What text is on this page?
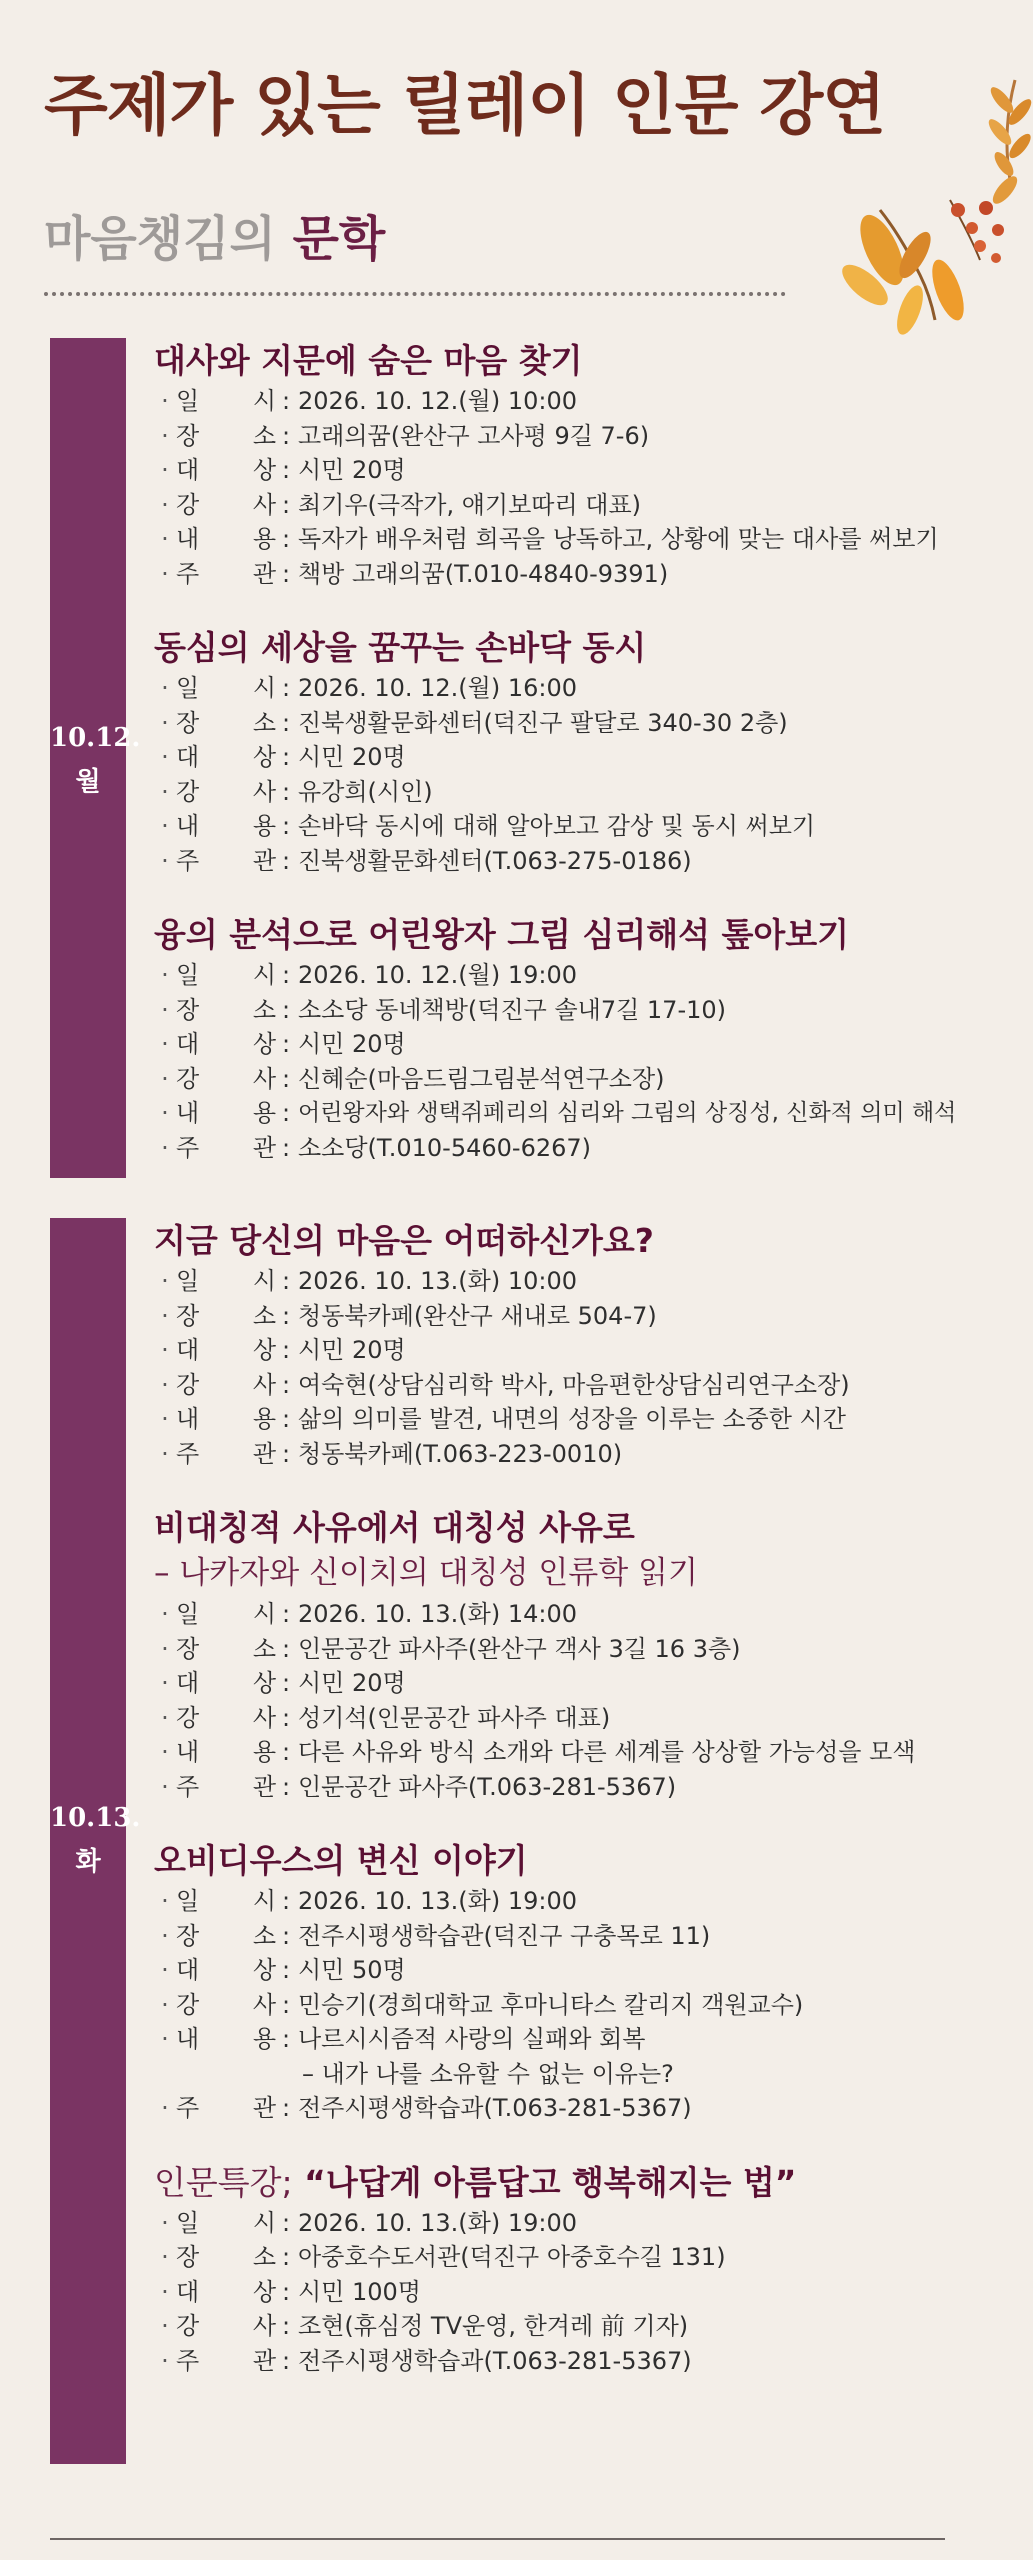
주제가 있는 릴레이 인문 강연
마음챙김의 문학
10.12.
월
대사와 지문에 숨은 마음 찾기
· 일 시 : 2026. 10. 12.(월) 10:00
· 장 소 : 고래의꿈(완산구 고사평 9길 7-6)
· 대 상 : 시민 20명
· 강 사 : 최기우(극작가, 얘기보따리 대표)
· 내 용 : 독자가 배우처럼 희곡을 낭독하고, 상황에 맞는 대사를 써보기
· 주 관 : 책방 고래의꿈(T.010-4840-9391)
동심의 세상을 꿈꾸는 손바닥 동시
· 일 시 : 2026. 10. 12.(월) 16:00
· 장 소 : 진북생활문화센터(덕진구 팔달로 340-30 2층)
· 대 상 : 시민 20명
· 강 사 : 유강희(시인)
· 내 용 : 손바닥 동시에 대해 알아보고 감상 및 동시 써보기
· 주 관 : 진북생활문화센터(T.063-275-0186)
융의 분석으로 어린왕자 그림 심리해석 톺아보기
· 일 시 : 2026. 10. 12.(월) 19:00
· 장 소 : 소소당 동네책방(덕진구 솔내7길 17-10)
· 대 상 : 시민 20명
· 강 사 : 신혜순(마음드림그림분석연구소장)
· 내 용 : 어린왕자와 생택쥐페리의 심리와 그림의 상징성, 신화적 의미 해석
· 주 관 : 소소당(T.010-5460-6267)
10.13.
화
지금 당신의 마음은 어떠하신가요?
· 일 시 : 2026. 10. 13.(화) 10:00
· 장 소 : 청동북카페(완산구 새내로 504-7)
· 대 상 : 시민 20명
· 강 사 : 여숙현(상담심리학 박사, 마음편한상담심리연구소장)
· 내 용 : 삶의 의미를 발견, 내면의 성장을 이루는 소중한 시간
· 주 관 : 청동북카페(T.063-223-0010)
비대칭적 사유에서 대칭성 사유로
– 나카자와 신이치의 대칭성 인류학 읽기
· 일 시 : 2026. 10. 13.(화) 14:00
· 장 소 : 인문공간 파사주(완산구 객사 3길 16 3층)
· 대 상 : 시민 20명
· 강 사 : 성기석(인문공간 파사주 대표)
· 내 용 : 다른 사유와 방식 소개와 다른 세계를 상상할 가능성을 모색
· 주 관 : 인문공간 파사주(T.063-281-5367)
오비디우스의 변신 이야기
· 일 시 : 2026. 10. 13.(화) 19:00
· 장 소 : 전주시평생학습관(덕진구 구충목로 11)
· 대 상 : 시민 50명
· 강 사 : 민승기(경희대학교 후마니타스 칼리지 객원교수)
· 내 용 : 나르시시즘적 사랑의 실패와 회복
– 내가 나를 소유할 수 없는 이유는?
· 주 관 : 전주시평생학습과(T.063-281-5367)
인문특강; “나답게 아름답고 행복해지는 법”
· 일 시 : 2026. 10. 13.(화) 19:00
· 장 소 : 아중호수도서관(덕진구 아중호수길 131)
· 대 상 : 시민 100명
· 강 사 : 조현(휴심정 TV운영, 한겨레 前 기자)
· 주 관 : 전주시평생학습과(T.063-281-5367)
